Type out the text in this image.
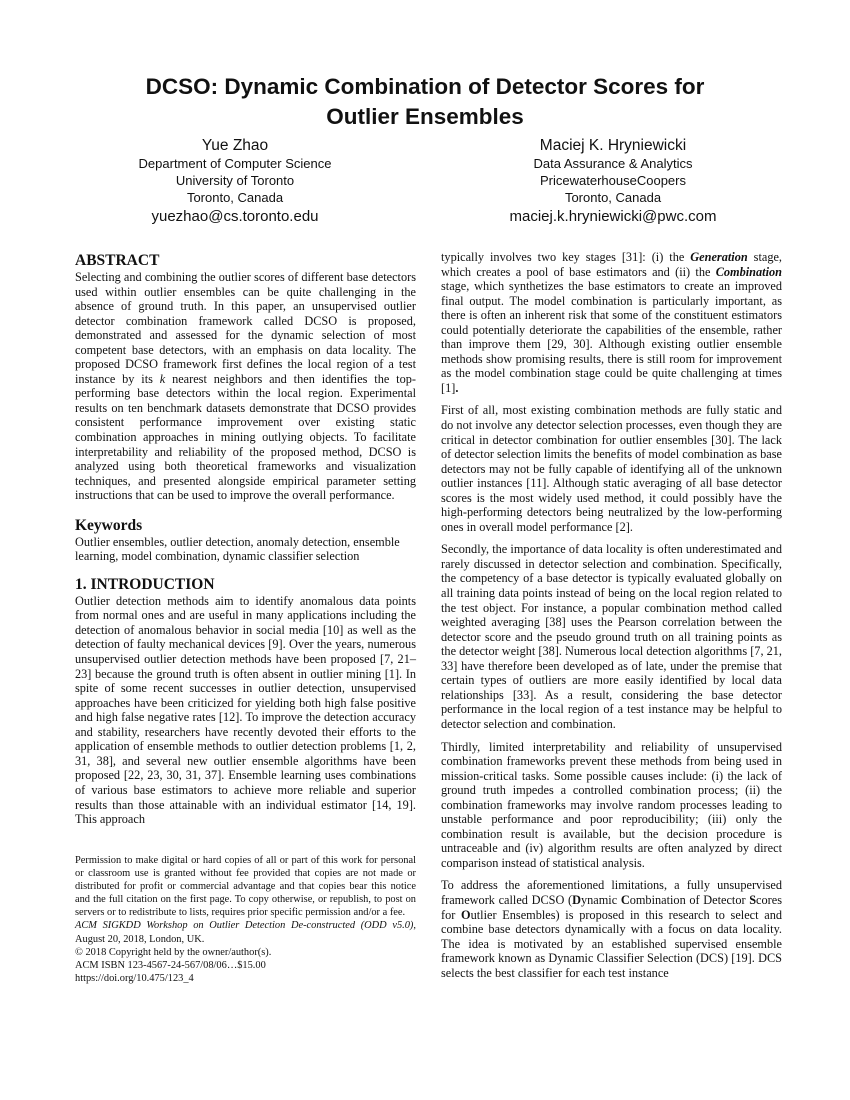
DCSO: Dynamic Combination of Detector Scores for
Outlier Ensembles
Yue Zhao
Department of Computer Science
University of Toronto
Toronto, Canada
yuezhao@cs.toronto.edu
Maciej K. Hryniewicki
Data Assurance & Analytics
PricewaterhouseCoopers
Toronto, Canada
maciej.k.hryniewicki@pwc.com
ABSTRACT

Selecting and combining the outlier scores of different base detectors used within outlier ensembles can be quite challenging in the absence of ground truth. In this paper, an unsupervised outlier detector combination framework called DCSO is proposed, demonstrated and assessed for the dynamic selection of most competent base detectors, with an emphasis on data locality. The proposed DCSO framework first defines the local region of a test instance by its k nearest neighbors and then identifies the top-performing base detectors within the local region. Experimental results on ten benchmark datasets demonstrate that DCSO provides consistent performance improvement over existing static combination approaches in mining outlying objects. To facilitate interpretability and reliability of the proposed method, DCSO is analyzed using both theoretical frameworks and visualization techniques, and presented alongside empirical parameter setting instructions that can be used to improve the overall performance.

Keywords

Outlier ensembles, outlier detection, anomaly detection, ensemble learning, model combination, dynamic classifier selection

1. INTRODUCTION

Outlier detection methods aim to identify anomalous data points from normal ones and are useful in many applications including the detection of anomalous behavior in social media [10] as well as the detection of faulty mechanical devices [9]. Over the years, numerous unsupervised outlier detection methods have been proposed [7, 21–23] because the ground truth is often absent in outlier mining [1]. In spite of some recent successes in outlier detection, unsupervised approaches have been criticized for yielding both high false positive and high false negative rates [12]. To improve the detection accuracy and stability, researchers have recently devoted their efforts to the application of ensemble methods to outlier detection problems [1, 2, 31, 38], and several new outlier ensemble algorithms have been proposed [22, 23, 30, 31, 37]. Ensemble learning uses combinations of various base estimators to achieve more reliable and superior results than those attainable with an individual estimator [14, 19]. This approach

Permission to make digital or hard copies of all or part of this work for personal or classroom use is granted without fee provided that copies are not made or distributed for profit or commercial advantage and that copies bear this notice and the full citation on the first page. To copy otherwise, or republish, to post on servers or to redistribute to lists, requires prior specific permission and/or a fee.
ACM SIGKDD Workshop on Outlier Detection De-constructed (ODD v5.0), August 20, 2018, London, UK.
© 2018 Copyright held by the owner/author(s).
ACM ISBN 123-4567-24-567/08/06…$15.00
https://doi.org/10.475/123_4

typically involves two key stages [31]: (i) the Generation stage, which creates a pool of base estimators and (ii) the Combination stage, which synthetizes the base estimators to create an improved final output. The model combination is particularly important, as there is often an inherent risk that some of the constituent estimators could potentially deteriorate the capabilities of the ensemble, rather than improve them [29, 30]. Although existing outlier ensemble methods show promising results, there is still room for improvement as the model combination stage could be quite challenging at times [1].

First of all, most existing combination methods are fully static and do not involve any detector selection processes, even though they are critical in detector combination for outlier ensembles [30]. The lack of detector selection limits the benefits of model combination as base detectors may not be fully capable of identifying all of the unknown outlier instances [11]. Although static averaging of all base detector scores is the most widely used method, it could possibly have the high-performing detectors being neutralized by the low-performing ones in overall model performance [2].

Secondly, the importance of data locality is often underestimated and rarely discussed in detector selection and combination. Specifically, the competency of a base detector is typically evaluated globally on all training data points instead of being on the local region related to the test object. For instance, a popular combination method called weighted averaging [38] uses the Pearson correlation between the detector score and the pseudo ground truth on all training points as the detector weight [38]. Numerous local detection algorithms [7, 21, 33] have therefore been developed as of late, under the premise that certain types of outliers are more easily identified by local data relationships [33]. As a result, considering the base detector performance in the local region of a test instance may be helpful to detector selection and combination.

Thirdly, limited interpretability and reliability of unsupervised combination frameworks prevent these methods from being used in mission-critical tasks. Some possible causes include: (i) the lack of ground truth impedes a controlled combination process; (ii) the combination frameworks may involve random processes leading to unstable performance and poor reproducibility; (iii) only the combination result is available, but the decision procedure is untraceable and (iv) algorithm results are often analyzed by direct comparison instead of statistical analysis.

To address the aforementioned limitations, a fully unsupervised framework called DCSO (Dynamic Combination of Detector Scores for Outlier Ensembles) is proposed in this research to select and combine base detectors dynamically with a focus on data locality. The idea is motivated by an established supervised ensemble framework known as Dynamic Classifier Selection (DCS) [19]. DCS selects the best classifier for each test instance
